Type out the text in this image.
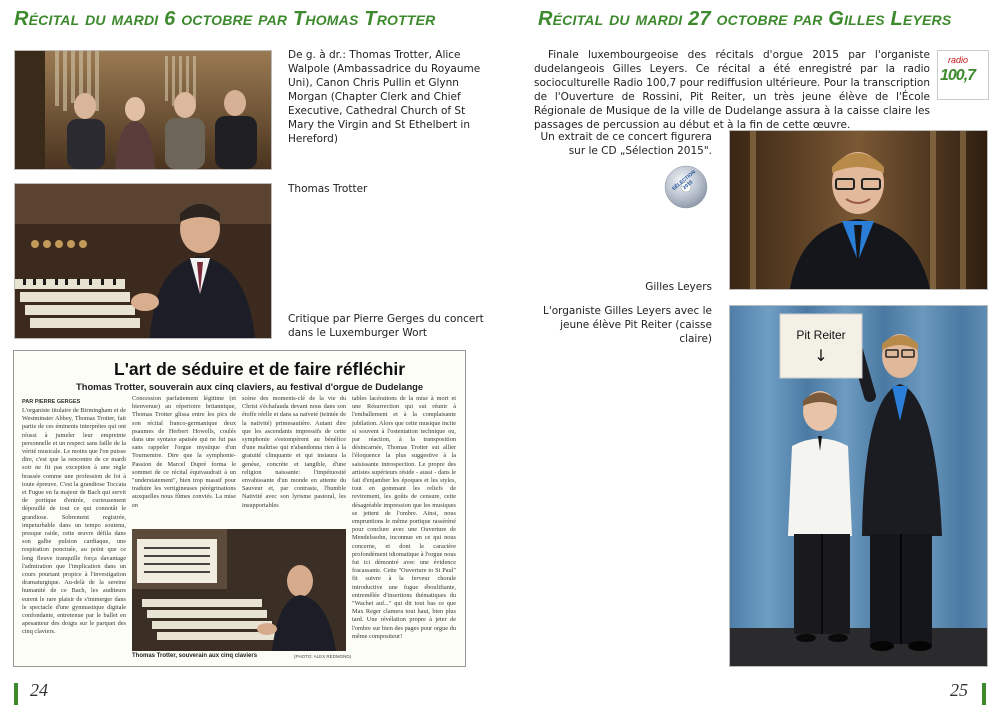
Récital du mardi 6 octobre par Thomas Trotter
De g. à dr.: Thomas Trotter, Alice Walpole (Ambassadrice du Royaume Uni), Canon Chris Pullin et Glynn Morgan (Chapter Clerk and Chief Executive, Cathedral Church of St Mary the Virgin and St Ethelbert in Hereford)
Thomas Trotter
Critique par Pierre Gerges du concert dans le Luxemburger Wort
L'art de séduire et de faire réfléchir
Thomas Trotter, souverain aux cinq claviers, au festival d'orgue de Dudelange
PAR PIERRE GERGES
L'organiste titulaire de Birmingham et de Westminster Abbey, Thomas Trotter, fait partie de ces éminents interprètes qui ont réussi à jumeler leur empreinte personnelle et un respect sans faille de la vérité musicale. Le moins que l'on puisse dire, c'est que la rencontre de ce mardi soir ne fit pas exception à une règle brassée comme une profession de foi à toute épreuve. C'est la grandiose Toccata et Fugue en fa majeur de Bach qui servit de portique d'entrée, curieusement dépouillé de tout ce qui connotât le grandiose. Sobrement registrée, impeturbable dans un tempo soutenu, presque raide, cette œuvre défila dans son galbe pulsion cardiaque, une respiration ponctuée, au point que ce long fleuve tranquille força davantage l'admiration que l'implication dans un cours pourtant propice à l'investigation dramaturgique. Au-delà de la sereine humanité de ce Bach, les auditeurs eurent le rare plaisir de s'immerger dans le spectacle d'une gymnastique digitale confondante, entretenue par le ballet en apesanteur des doigts sur le parquet des cinq claviers.
Concession parfaitement légitime (et bienvenue) au répertoire britannique, Thomas Trotter glissa entre les pics de son récital franco-germanique deux psaumes de Herbert Howells, coulés dans une syntaxe apaisée qui ne fut pas sans rappeler l'orgue mystique d'un Tournemire. Dire que la symphonie-Passion de Marcel Dupré forma le sommet de ce récital équivaudrait à un "understatement", bien trop massif pour traduire les vertigineuses pérégrinations auxquelles nous fûmes conviés. La mise en
scène des moments-clé de la vie du Christ s'échafauda devant nous dans son étoffe réelle et dans sa naïveté (teintée de la nativité) primesautière. Autant dire que les ascendants impressifs de cette symphonie s'estompèrent au bénéfice d'une maîtrise qui n'abandonna rien à la gratuité clinquante et qui instaura la genèse, concrète et tangible, d'une religion naissante: l'impétuosité envahissante d'un monde en attente du Sauveur et, par contraste, l'humble Nativité avec son lyrisme pastoral, les insupportables
tables lacérations de la mise à mort et une Résurrection qui sut réunir à l'emballement et à la complaisante jubilation. Alors que cette musique incite si souvent à l'ostentation technique ou, par réaction, à la transposition désincarnée, Thomas Trotter sut allier l'éloquence la plus suggestive à la saisissante introspection. Le propre des artistes supérieurs réside - aussi - dans le fait d'enjamber les époques et les styles, tout en gommant les reliefs de revirement, les goûts de censure, cette désagréable impression que les musiques se jettent de l'ombre. Ainsi, nous empruntions le même portique rassérèné pour conclure avec une Ouverture de Mendelssohn, inconnue en ce qui nous concerne, et dont le caractère profondément idiomatique à l'orgue nous fut ici démontré avec une évidence fracassante. Cette "Ouverture to St Paul" fit suivre à la ferveur chorale introductive une fugue éboulifiante, entremêlée d'insertions thématiques du "Wachet auf..." qui dit tout bas ce que Max Reger clamera tout haut, bien plus tard. Une révélation propre à jeter de l'ombre sur bien des pages pour orgue du même compositeur!
Thomas Trotter, souverain aux cinq claviers	(PHOTO: ALEX REDMOND)
24
Récital du mardi 27 octobre par Gilles Leyers
Finale luxembourgeoise des récitals d'orgue 2015 par l'organiste dudelangeois Gilles Leyers. Ce récital a été enregistré par la radio socioculturelle Radio 100,7 pour rediffusion ultérieure. Pour la transcription de l'Ouverture de Rossini, Pit Reiter, un très jeune élève de l'École Régionale de Musique de la ville de Dudelange assura à la caisse claire les passages de percussion au début et à la fin de cette œuvre.
radio
100,7
Un extrait de ce concert figurera sur le CD „Sélection 2015".
SÉLECTION 2015
Gilles Leyers
L'organiste Gilles Leyers avec le jeune élève Pit Reiter (caisse claire)	Pit Reiter
↓
25
